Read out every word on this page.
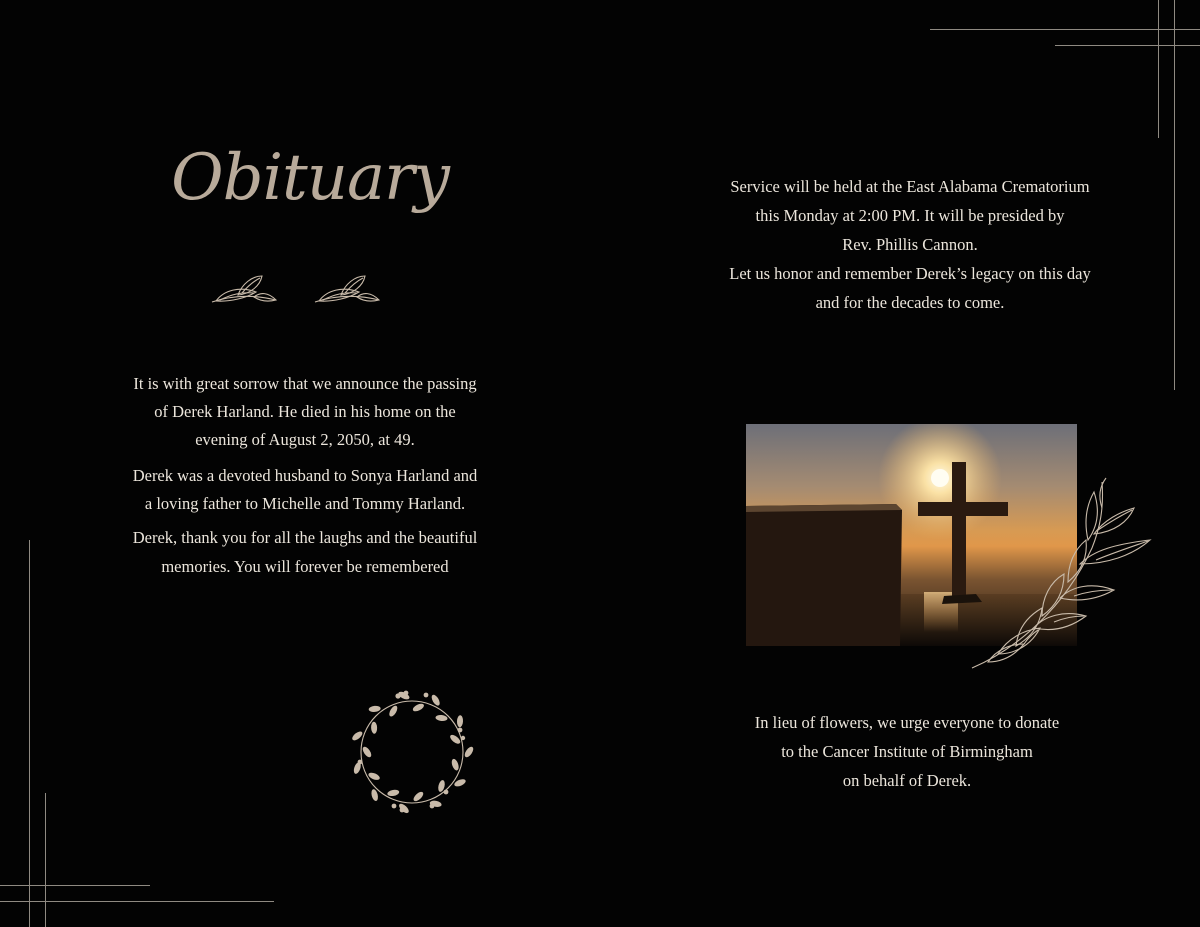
Obituary

It is with great sorrow that we announce the passing
of Derek Harland. He died in his home on the
evening of August 2, 2050, at 49.

Derek was a devoted husband to Sonya Harland and
a loving father to Michelle and Tommy Harland.

Derek, thank you for all the laughs and the beautiful
memories. You will forever be remembered

Service will be held at the East Alabama Crematorium
this Monday at 2:00 PM. It will be presided by
Rev. Phillis Cannon.
Let us honor and remember Derek’s legacy on this day
and for the decades to come.
In lieu of flowers, we urge everyone to donate
to the Cancer Institute of Birmingham
on behalf of Derek.
